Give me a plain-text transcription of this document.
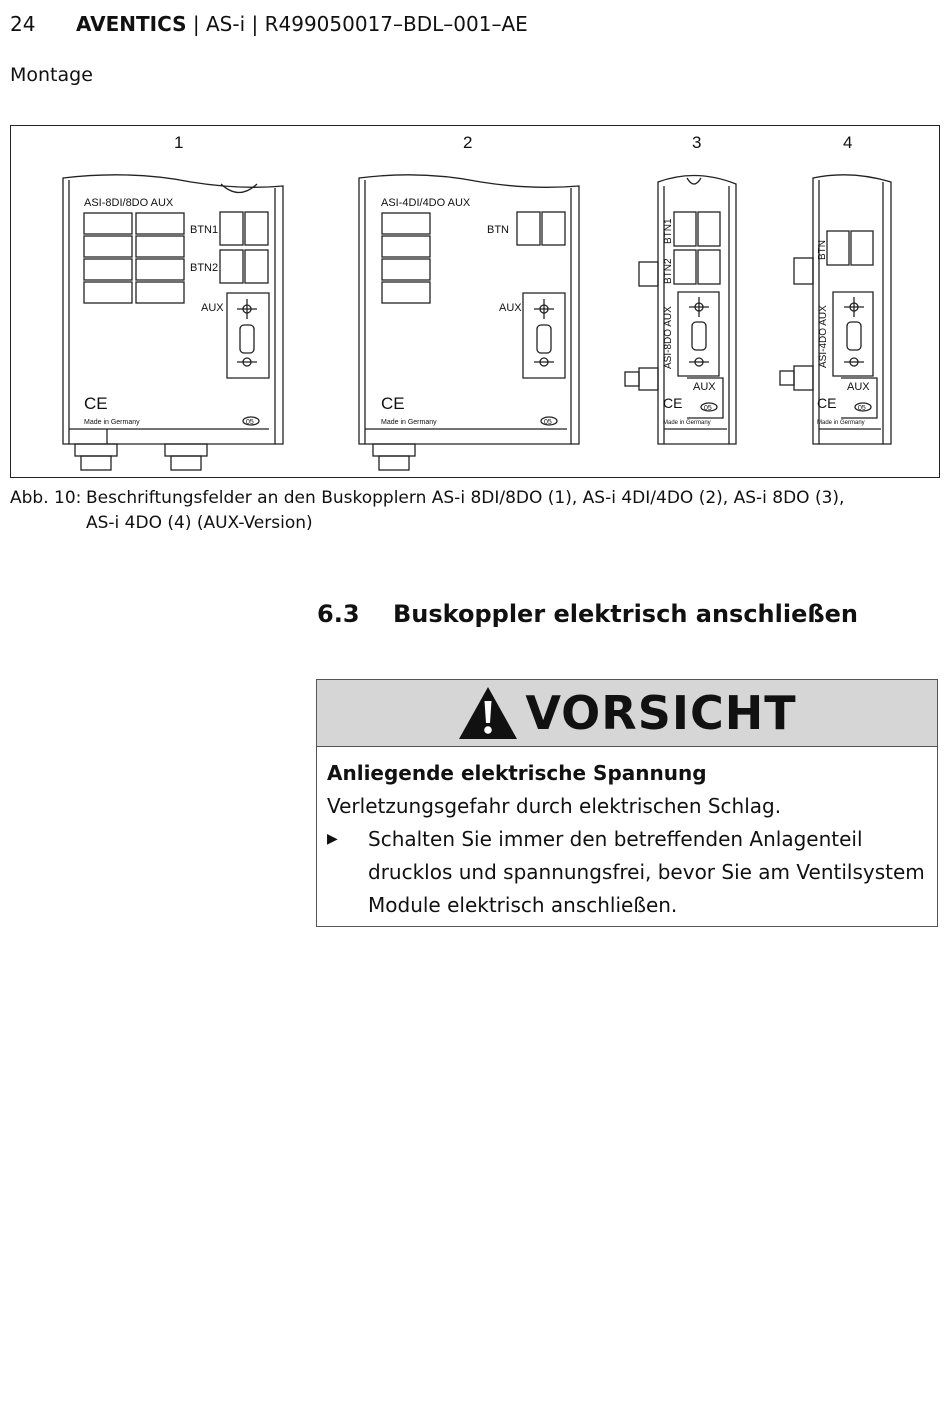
24 AVENTICS | AS-i | R499050017–BDL–001–AE
Montage
1	2	3	4
ASI-8DI/8DO AUX
BTN1
BTN2
AUX
CE
Made in Germany	05
ASI-4DI/4DO AUX
BTN
AUX
CE
Made in Germany	05
BTN1
BTN2
ASI-8DO AUX
AUX
CE	05
Made in Germany
BTN
ASI-4DO AUX
AUX
CE	05
Made in Germany
Abb. 10: Beschriftungsfelder an den Buskopplern AS-i 8DI/8DO (1), AS-i 4DI/4DO (2), AS-i 8DO (3),
AS-i 4DO (4) (AUX-Version)
6.3 Buskoppler elektrisch anschließen
VORSICHT
Anliegende elektrische Spannung
Verletzungsgefahr durch elektrischen Schlag.
▶	Schalten Sie immer den betreffenden Anlagenteil drucklos und spannungsfrei, bevor Sie am Ventilsystem Module elektrisch anschließen.
